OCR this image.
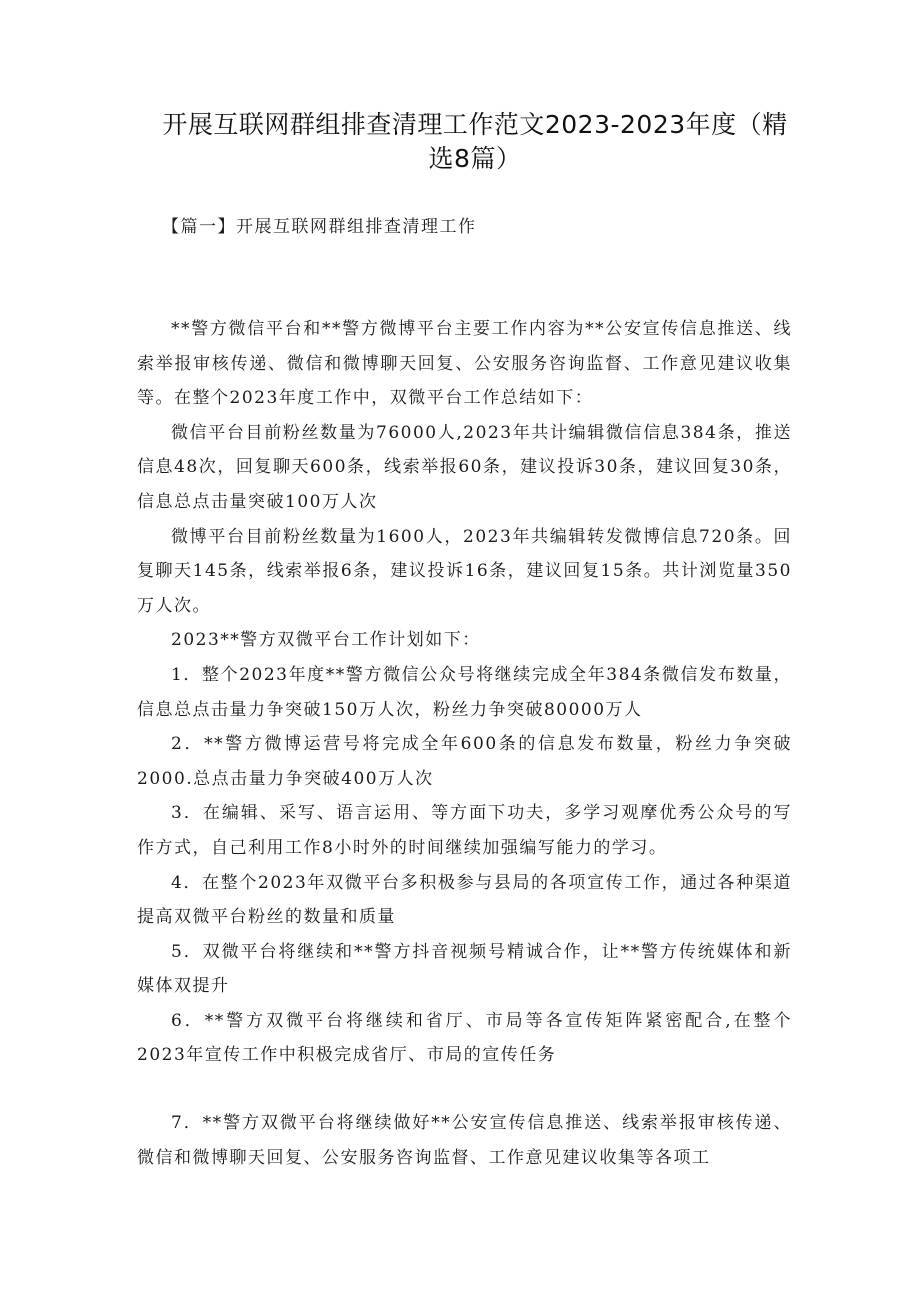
开展互联网群组排查清理工作范文2023-2023年度（精选8篇）
【篇一】开展互联网群组排查清理工作

**警方微信平台和**警方微博平台主要工作内容为**公安宣传信息推送、线索举报审核传递、微信和微博聊天回复、公安服务咨询监督、工作意见建议收集等。在整个2023年度工作中，双微平台工作总结如下：

微信平台目前粉丝数量为76000人,2023年共计编辑微信信息384条，推送信息48次，回复聊天600条，线索举报60条，建议投诉30条，建议回复30条，信息总点击量突破100万人次

微博平台目前粉丝数量为1600人，2023年共编辑转发微博信息720条。回复聊天145条，线索举报6条，建议投诉16条，建议回复15条。共计浏览量350万人次。

2023**警方双微平台工作计划如下：

1．整个2023年度**警方微信公众号将继续完成全年384条微信发布数量，信息总点击量力争突破150万人次，粉丝力争突破80000万人

2．**警方微博运营号将完成全年600条的信息发布数量，粉丝力争突破2000.总点击量力争突破400万人次

3．在编辑、采写、语言运用、等方面下功夫，多学习观摩优秀公众号的写作方式，自己利用工作8小时外的时间继续加强编写能力的学习。

4．在整个2023年双微平台多积极参与县局的各项宣传工作，通过各种渠道提高双微平台粉丝的数量和质量

5．双微平台将继续和**警方抖音视频号精诚合作，让**警方传统媒体和新媒体双提升

6．**警方双微平台将继续和省厅、市局等各宣传矩阵紧密配合,在整个2023年宣传工作中积极完成省厅、市局的宣传任务

7．**警方双微平台将继续做好**公安宣传信息推送、线索举报审核传递、微信和微博聊天回复、公安服务咨询监督、工作意见建议收集等各项工
